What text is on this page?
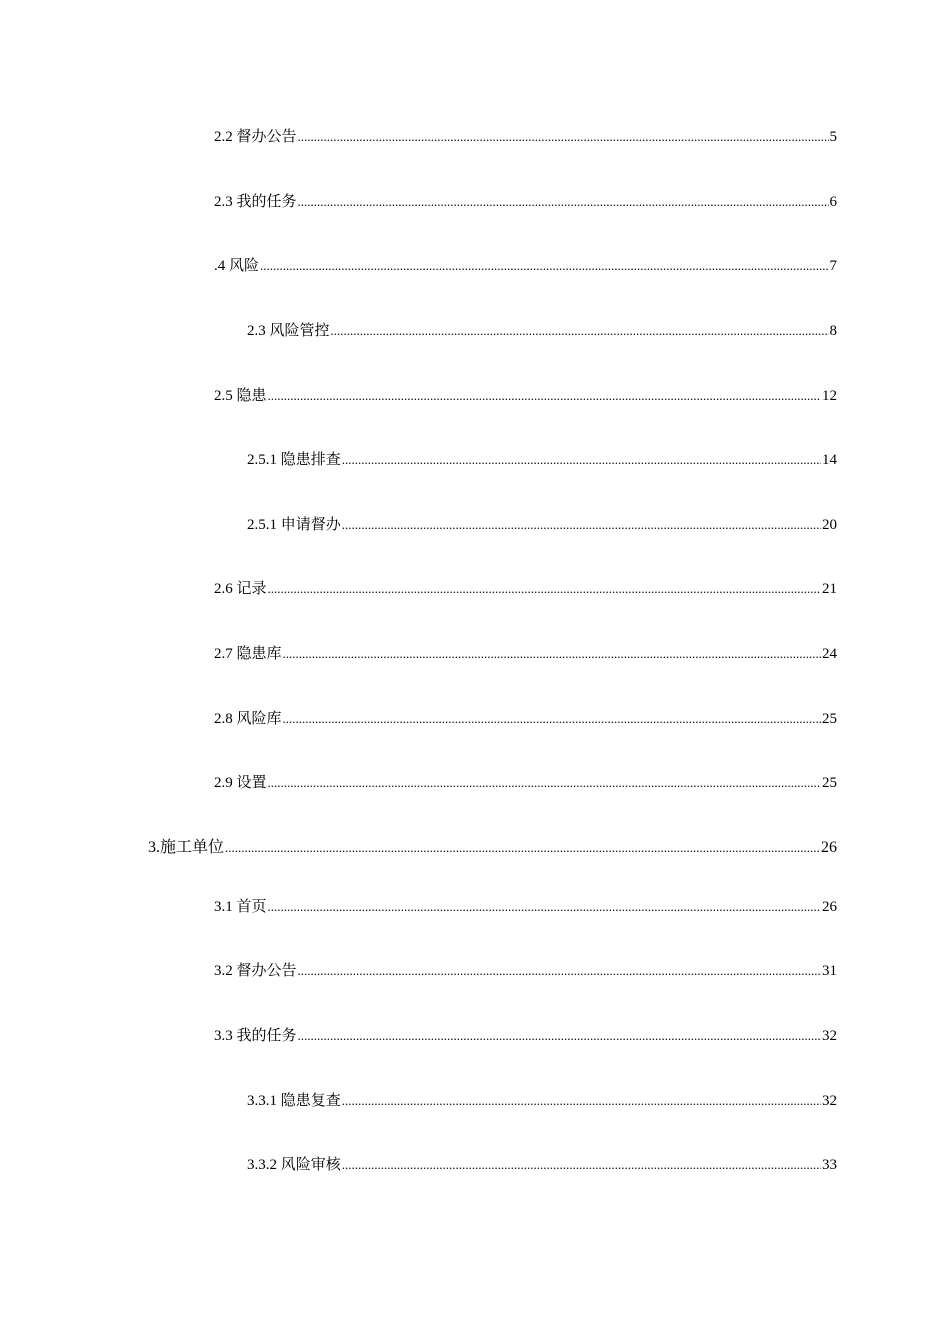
2.2 督办公告 .....	5
2.3 我的任务 .....	6
.4 风险 .....	7
2.3 风险管控 .....	8
2.5 隐患 .....	12
2.5.1 隐患排查 .....	14
2.5.1 申请督办 .....	20
2.6 记录 .....	21
2.7 隐患库 .....	24
2.8 风险库 .....	25
2.9 设置 .....	25
3.施工单位 .....	26
3.1 首页 .....	26
3.2 督办公告 .....	31
3.3 我的任务 .....	32
3.3.1 隐患复查 .....	32
3.3.2 风险审核 .....	33
